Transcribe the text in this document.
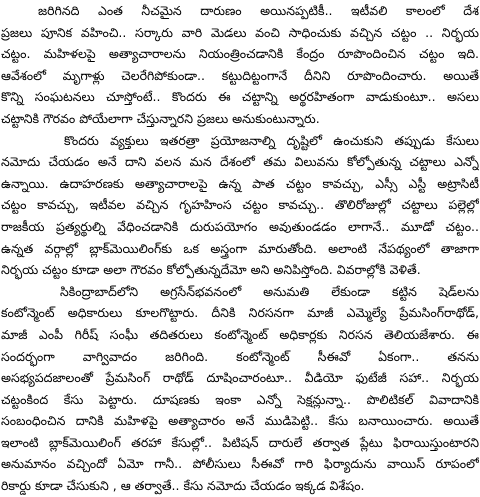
జరిగినది ఎంత నీచమైన దారుణం అయినప్పటికీ.. ఇటీవలి కాలంలో దేశ
ప్రజలు పూనిక వహించి.. సర్కారు వారి మెడలు వంచి సాధించుకు వచ్చిన చట్టం .. నిర్భయ
చట్టం. మహిళలపై అత్యాచారాలను నియంత్రించడానికి కేంద్రం రూపొందించిన చట్టం ఇది.
ఆవేశంలో మృగాళ్లు చెలరేగిపోకుండా.. కట్టుదిట్టంగానే దీనిని రూపొందించారు. అయితే
కొన్ని సంఘటనలు చూస్తోంటే.. కొందరు ఈ చట్టాన్ని అర్థరహితంగా వాడుకుంటూ.. అసలు
చట్టానికి గౌరవం పోయేలాగా చేస్తున్నారని ప్రజలు అనుకుంటున్నారు.
కొందరు వ్యక్తులు ఇతరత్రా ప్రయోజనాల్ని దృష్టిలో ఉంచుకుని తప్పుడు కేసులు
నమోదు చేయడం అనే దాని వలన మన దేశంలో తమ విలువను కోల్పోతున్న చట్టాలు ఎన్నో
ఉన్నాయి. ఉదాహరణకు అత్యాచారాలపై ఉన్న పాత చట్టం కావచ్చు, ఎస్సీ ఎస్టీ అట్రాసిటీ
చట్టం కావచ్చు, ఇటీవల వచ్చిన గృహహింస చట్టం కావచ్చు.. తొలిరోజుల్లో చట్టాలు పల్లెల్లో
రాజకీయ ప్రత్యర్థుల్ని వేధించడానికి దురుపయోగం అవుతుండడం లాగానే.. మూడో చట్టం..
ఉన్నత వర్గాల్లో బ్లాక్‌మెయిలింగ్‌కు ఒక అస్త్రంగా మారుతోంది. అలాంటి నేపథ్యంలో తాజాగా
నిర్భయ చట్టం కూడా అలా గౌరవం కోల్పోతున్నదేమో అని అనిపిస్తోంది. వివరాల్లోకి వెళితే.
సికింద్రాబాద్‌లోని అగ్రసేన్‌భవనంలో అనుమతి లేకుండా కట్టిన షెడ్‌లను
కంటోన్మెంట్ అధికారులు కూలగొట్టారు. దీనికి నిరసనగా మాజీ ఎమ్మెల్యే ప్రేమసింగ్‌రాథోడ్,
మాజీ ఎంపీ గిరీష్ సంఘీ తదితరులు కంటోన్మెంట్ అధికార్లకు నిరసన తెలియజేశారు. ఈ
సందర్భంగా వాగ్వివాదం జరిగింది. కంటోన్మెంట్ సీఈవో ఏకంగా.. తనను
అసభ్యపదజాలంతో ప్రేమసింగ్ రాథోడ్ దూషించారంటూ.. వీడియో ఫుటేజీ సహా.. నిర్భయ
చట్టంకింద కేసు పెట్టారు. దూషణకు ఇంకా ఎన్నో సెక్షన్లున్నా.. పొలిటికల్ వివాదానికి
సంబంధించిన దానికి మహిళపై అత్యాచారం అనే ముడిపెట్టి.. కేసు బనాయించారు. అయితే
ఇలాంటి బ్లాక్‌మెయిలింగ్ తరహా కేసుల్లో.. పిటిషన్ దారులే తర్వాత ప్లేటు ఫిరాయిస్తుంటారని
అనుమానం వచ్చిందో ఏమో గానీ.. పోలీసులు సీఈవో గారి ఫిర్యాదును వాయిస్ రూపంలో
రికార్డు కూడా చేసుకుని , ఆ తర్వాతే.. కేసు నమోదు చేయడం ఇక్కడ విశేషం.
